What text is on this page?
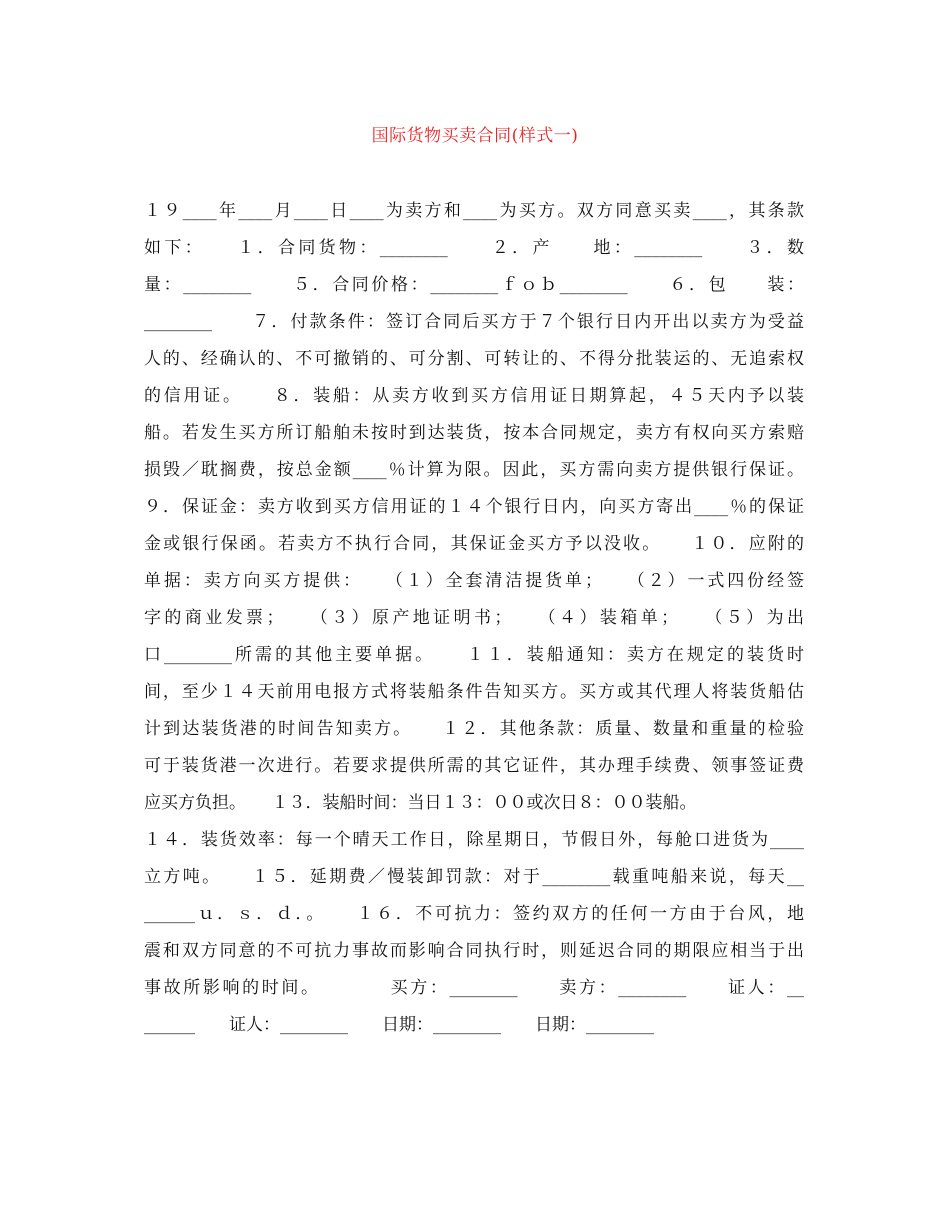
国际货物买卖合同(样式一)
１９____年____月____日____为卖方和____为买方。双方同意买卖____，其条款
如下：　　１．合同货物：________　　２．产　　地：________　　３．数
量：________　　５．合同价格：________ｆｏｂ________　　６．包　　装：
________　　７．付款条件：签订合同后买方于７个银行日内开出以卖方为受益
人的、经确认的、不可撤销的、可分割、可转让的、不得分批装运的、无追索权
的信用证。　　８．装船：从卖方收到买方信用证日期算起，４５天内予以装
船。若发生买方所订船舶未按时到达装货，按本合同规定，卖方有权向买方索赔
损毁／耽搁费，按总金额____％计算为限。因此，买方需向卖方提供银行保证。
９．保证金：卖方收到买方信用证的１４个银行日内，向买方寄出____％的保证
金或银行保函。若卖方不执行合同，其保证金买方予以没收。　　１０．应附的
单据：卖方向买方提供：　　（１）全套清洁提货单；　　（２）一式四份经签
字的商业发票；　　（３）原产地证明书；　　（４）装箱单；　　（５）为出
口________所需的其他主要单据。　　１１．装船通知：卖方在规定的装货时
间，至少１４天前用电报方式将装船条件告知买方。买方或其代理人将装货船估
计到达装货港的时间告知卖方。　　１２．其他条款：质量、数量和重量的检验
可于装货港一次进行。若要求提供所需的其它证件，其办理手续费、领事签证费
应买方负担。　　１３．装船时间：当日１３：００或次日８：００装船。
１４．装货效率：每一个晴天工作日，除星期日，节假日外，每舱口进货为____
立方吨。　　１５．延期费／慢装卸罚款：对于________载重吨船来说，每天__
______ｕ．ｓ．ｄ．。　　１６．不可抗力：签约双方的任何一方由于台风，地
震和双方同意的不可抗力事故而影响合同执行时，则延迟合同的期限应相当于出
事故所影响的时间。　　　　买方：________　　卖方：________　　证人：__
______　　证人：________　　日期：________　　日期：________
